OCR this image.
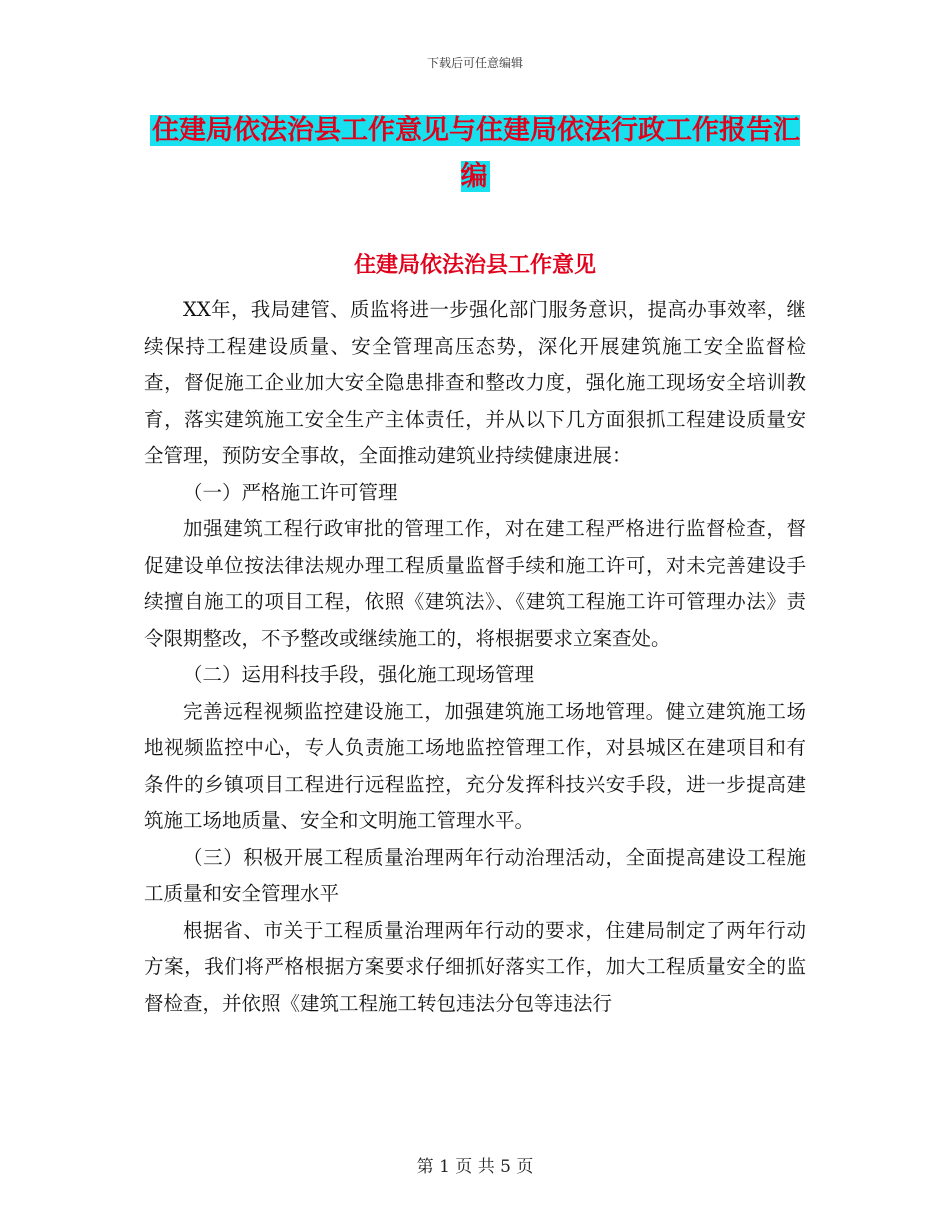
下载后可任意编辑
住建局依法治县工作意见与住建局依法行政工作报告汇编
住建局依法治县工作意见

XX年，我局建管、质监将进一步强化部门服务意识，提高办事效率，继续保持工程建设质量、安全管理高压态势，深化开展建筑施工安全监督检查，督促施工企业加大安全隐患排查和整改力度，强化施工现场安全培训教育，落实建筑施工安全生产主体责任，并从以下几方面狠抓工程建设质量安全管理，预防安全事故，全面推动建筑业持续健康进展：

（一）严格施工许可管理

加强建筑工程行政审批的管理工作，对在建工程严格进行监督检查，督促建设单位按法律法规办理工程质量监督手续和施工许可，对未完善建设手续擅自施工的项目工程，依照《建筑法》、《建筑工程施工许可管理办法》责令限期整改，不予整改或继续施工的，将根据要求立案查处。

（二）运用科技手段，强化施工现场管理

完善远程视频监控建设施工，加强建筑施工场地管理。健立建筑施工场地视频监控中心，专人负责施工场地监控管理工作，对县城区在建项目和有条件的乡镇项目工程进行远程监控，充分发挥科技兴安手段，进一步提高建筑施工场地质量、安全和文明施工管理水平。

（三）积极开展工程质量治理两年行动治理活动，全面提高建设工程施工质量和安全管理水平

根据省、市关于工程质量治理两年行动的要求，住建局制定了两年行动方案，我们将严格根据方案要求仔细抓好落实工作，加大工程质量安全的监督检查，并依照《建筑工程施工转包违法分包等违法行

第 1 页 共 5 页
